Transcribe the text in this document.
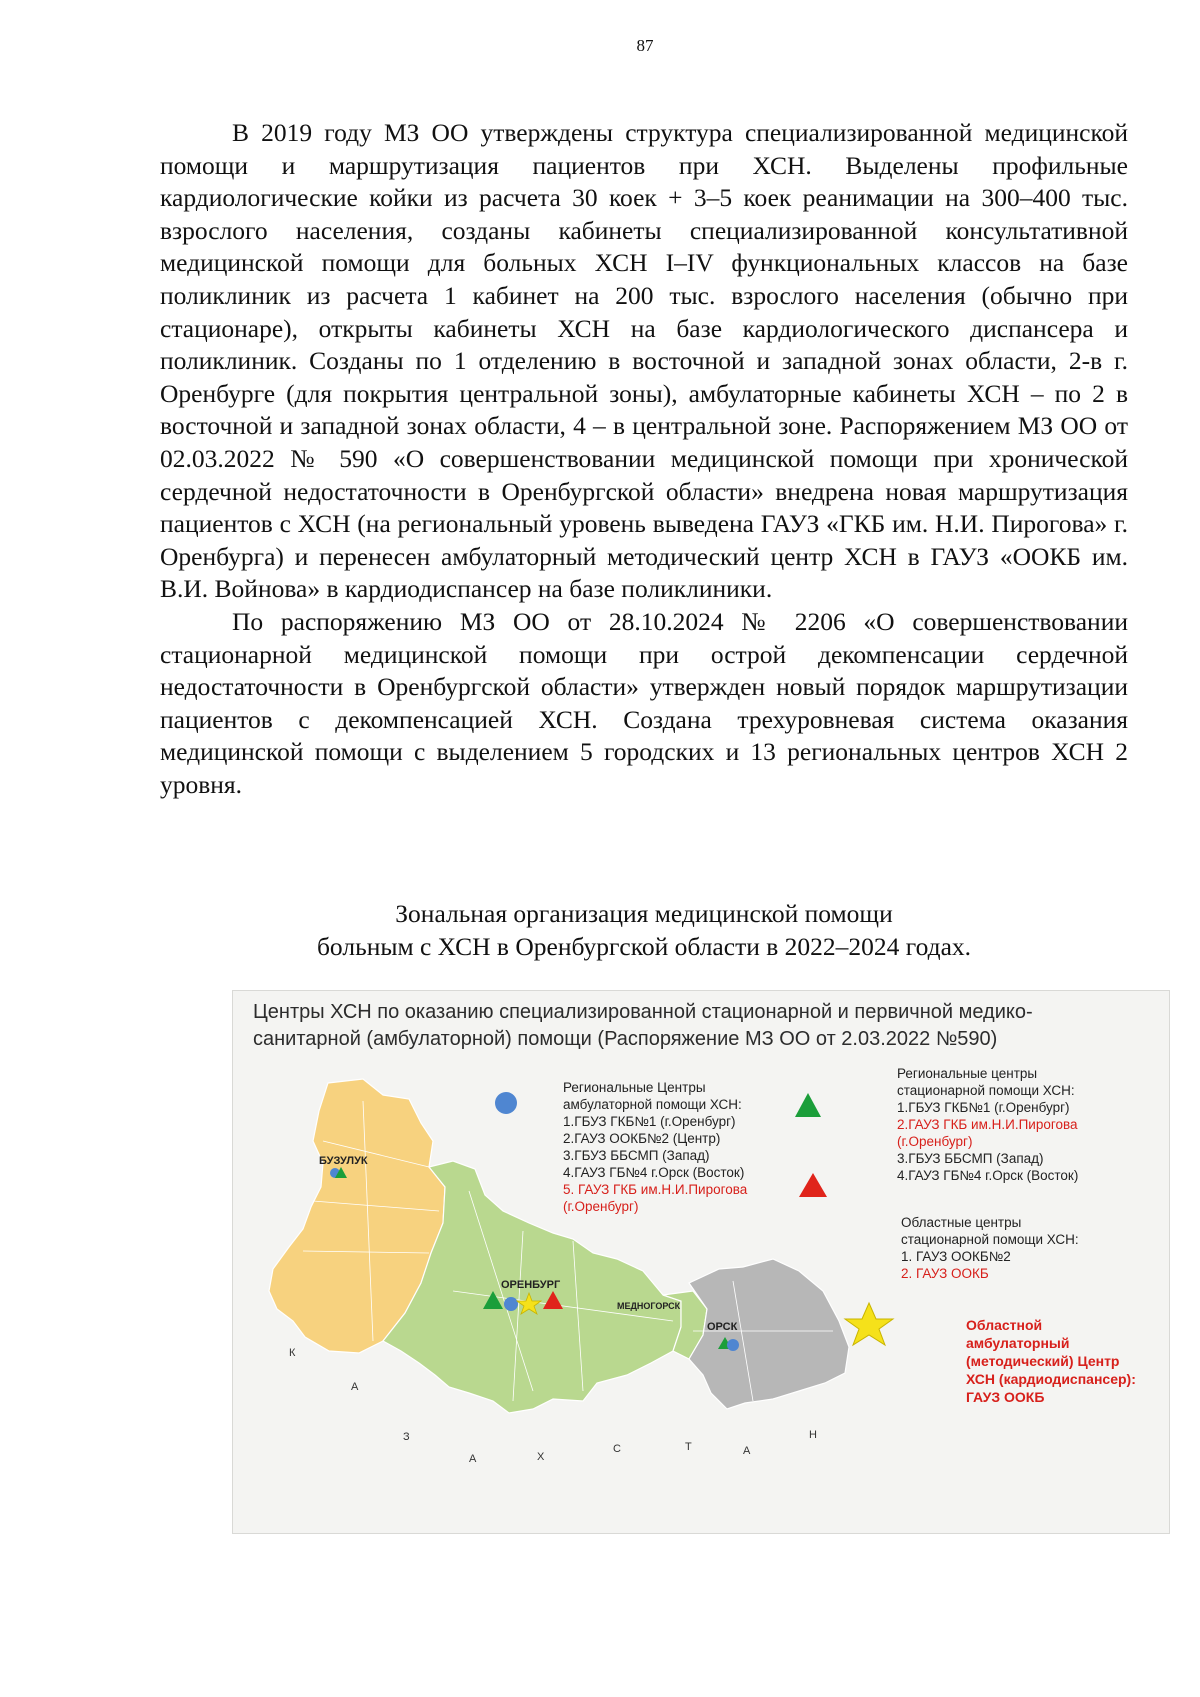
87

В 2019 году МЗ ОО утверждены структура специализированной медицинской помощи и маршрутизация пациентов при ХСН. Выделены профильные кардиологические койки из расчета 30 коек + 3–5 коек реанимации на 300–400 тыс. взрослого населения, созданы кабинеты специализированной консультативной медицинской помощи для больных ХСН I–IV функциональных классов на базе поликлиник из расчета 1 кабинет на 200 тыс. взрослого населения (обычно при стационаре), открыты кабинеты ХСН на базе кардиологического диспансера и поликлиник. Созданы по 1 отделению в восточной и западной зонах области, 2-в г. Оренбурге (для покрытия центральной зоны), амбулаторные кабинеты ХСН – по 2 в восточной и западной зонах области, 4 – в центральной зоне. Распоряжением МЗ ОО от 02.03.2022 № 590 «О совершенствовании медицинской помощи при хронической сердечной недостаточности в Оренбургской области» внедрена новая маршрутизация пациентов с ХСН (на региональный уровень выведена ГАУЗ «ГКБ им. Н.И. Пирогова» г. Оренбурга) и перенесен амбулаторный методический центр ХСН в ГАУЗ «ООКБ им. В.И. Войнова» в кардиодиспансер на базе поликлиники.

По распоряжению МЗ ОО от 28.10.2024 № 2206 «О совершенствовании стационарной медицинской помощи при острой декомпенсации сердечной недостаточности в Оренбургской области» утвержден новый порядок маршрутизации пациентов с декомпенсацией ХСН. Создана трехуровневая система оказания медицинской помощи с выделением 5 городских и 13 региональных центров ХСН 2 уровня.

Зональная организация медицинской помощи
больным с ХСН в Оренбургской области в 2022–2024 годах.
Центры ХСН по оказанию специализированной стационарной и первичной медико-
санитарной (амбулаторной) помощи (Распоряжение МЗ ОО от 2.03.2022 №590)
Региональные Центры
амбулаторной помощи ХСН:
1.ГБУЗ ГКБ№1 (г.Оренбург)
2.ГАУЗ ООКБ№2 (Центр)
3.ГБУЗ ББСМП (Запад)
4.ГАУЗ ГБ№4 г.Орск (Восток)
5. ГАУЗ ГКБ им.Н.И.Пирогова
(г.Оренбург)
Региональные центры
стационарной помощи ХСН:
1.ГБУЗ ГКБ№1 (г.Оренбург)
2.ГАУЗ ГКБ им.Н.И.Пирогова
(г.Оренбург)
3.ГБУЗ ББСМП (Запад)
4.ГАУЗ ГБ№4 г.Орск (Восток)
Областные центры
стационарной помощи ХСН:
1. ГАУЗ ООКБ№2
2. ГАУЗ ООКБ
Областной
амбулаторный
(методический) Центр
ХСН (кардиодиспансер):
ГАУЗ ООКБ
БУЗУЛУК
ОРЕНБУРГ
ОРСК
МЕДНОГОРСК
К
А
З
А	Х
С	Т	А
Н
